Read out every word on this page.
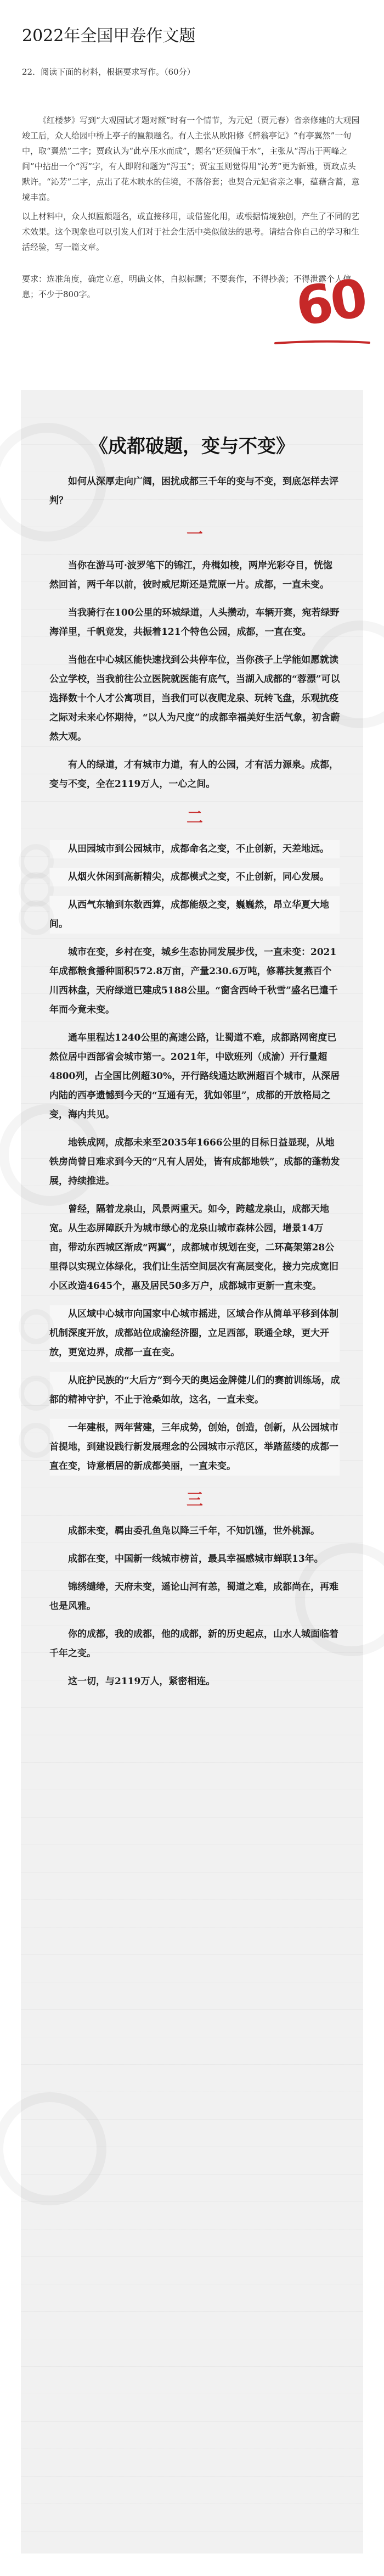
2022年全国甲卷作文题
22．阅读下面的材料，根据要求写作。（60分）

《红楼梦》写到“大观园试才题对额”时有一个情节，为元妃（贾元春）省亲修建的大观园竣工后，众人给园中桥上亭子的匾额题名。有人主张从欧阳修《醉翁亭记》“有亭翼然”一句中，取“翼然”二字；贾政认为“此亭压水而成”，题名“还须偏于水”，主张从“泻出于两峰之间”中拈出一个“泻”字，有人即附和题为“泻玉”；贾宝玉则觉得用“沁芳”更为新雅，贾政点头默许。“沁芳”二字，点出了花木映水的佳境，不落俗套；也契合元妃省亲之事，蕴藉含蓄，意境丰富。

以上材料中，众人拟匾额题名，或直接移用，或借鉴化用，或根据情境独创，产生了不同的艺术效果。这个现象也可以引发人们对于社会生活中类似做法的思考。请结合你自己的学习和生活经验，写一篇文章。

要求：选准角度，确定立意，明确文体，自拟标题；不要套作，不得抄袭；不得泄露个人信息；不少于800字。	60
《成都破题，变与不变》

如何从深厚走向广阔，困扰成都三千年的变与不变，到底怎样去评判？

一

当你在游马可·波罗笔下的锦江，舟楫如梭，两岸光彩夺目，恍惚然回首，两千年以前，彼时威尼斯还是荒原一片。成都，一直未变。

当我骑行在100公里的环城绿道，人头攒动，车辆开赛，宛若绿野海洋里，千帆竞发，共振着121个特色公园，成都，一直在变。

当他在中心城区能快速找到公共停车位，当你孩子上学能如愿就读公立学校，当我前往公立医院就医能有底气，当湖入成都的“蓉漂”可以选择数十个人才公寓项目，当我们可以夜爬龙泉、玩转飞盘，乐观抗疫之际对未来心怀期待，“以人为尺度”的成都幸福美好生活气象，初含蔚然大观。

有人的绿道，才有城市力道，有人的公园，才有活力源泉。成都，变与不变，全在2119万人，一心之间。

二

从田园城市到公园城市，成都命名之变，不止创新，天差地远。

从烟火休闲到高新精尖，成都模式之变，不止创新，同心发展。

从西气东输到东数西算，成都能级之变，巍巍然，昂立华夏大地间。

城市在变，乡村在变，城乡生态协同发展步伐，一直未变：2021年成都粮食播种面积572.8万亩，产量230.6万吨，修幕扶复燕百个川西林盘，天府绿道已建成5188公里。“窗含西岭千秋雪”盛名已遣千年而今竟未变。

通车里程达1240公里的高速公路，让蜀道不难，成都路网密度已然位居中西部省会城市第一。2021年，中欧班列（成渝）开行量超4800列，占全国比例超30%，开行路线通达欧洲超百个城市，从深居内陆的西亭遗憾到今天的“互通有无，犹如邻里”，成都的开放格局之变，海内共见。

地铁成网，成都未来至2035年1666公里的目标日益显现，从地铁房尚曾日难求到今天的“凡有人居处，皆有成都地铁”，成都的蓬勃发展，持续推进。

曾经，隔着龙泉山，风景两重天。如今，跨越龙泉山，成都天地宽。从生态屏障跃升为城市绿心的龙泉山城市森林公园，增景14万亩，带动东西城区渐成“两翼”，成都城市规划在变，二环高架第28公里得以实现立体绿化，我们让生活空间层次有高层变化，接力完成宽旧小区改造4645个，惠及居民50多万户，成都城市更新一直未变。

从区域中心城市向国家中心城市摇进，区域合作从简单平移到体制机制深度开放，成都站位成渝经济圈，立足西部，联通全球，更大开放，更宽边界，成都一直在变。

从庇护民族的“大后方”到今天的奥运金牌健儿们的赛前训练场，成都的精神守护，不止于沧桑如故，这名，一直未变。

一年建根，两年营建，三年成势，创始，创造，创新，从公园城市首提地，到建设践行新发展理念的公园城市示范区，举踏蓝缕的成都一直在变，诗意栖居的新成都美丽，一直未变。

三

成都未变，羁由委孔鱼凫以降三千年，不知饥馑，世外桃源。

成都在变，中国新一线城市榜首，最具幸福感城市蝉联13年。

锦绣缱绻，天府未变，遥论山河有恙，蜀道之难，成都尚在，再难也是风雅。

你的成都，我的成都，他的成都，新的历史起点，山水人城面临着千年之变。

这一切，与2119万人，紧密相连。
